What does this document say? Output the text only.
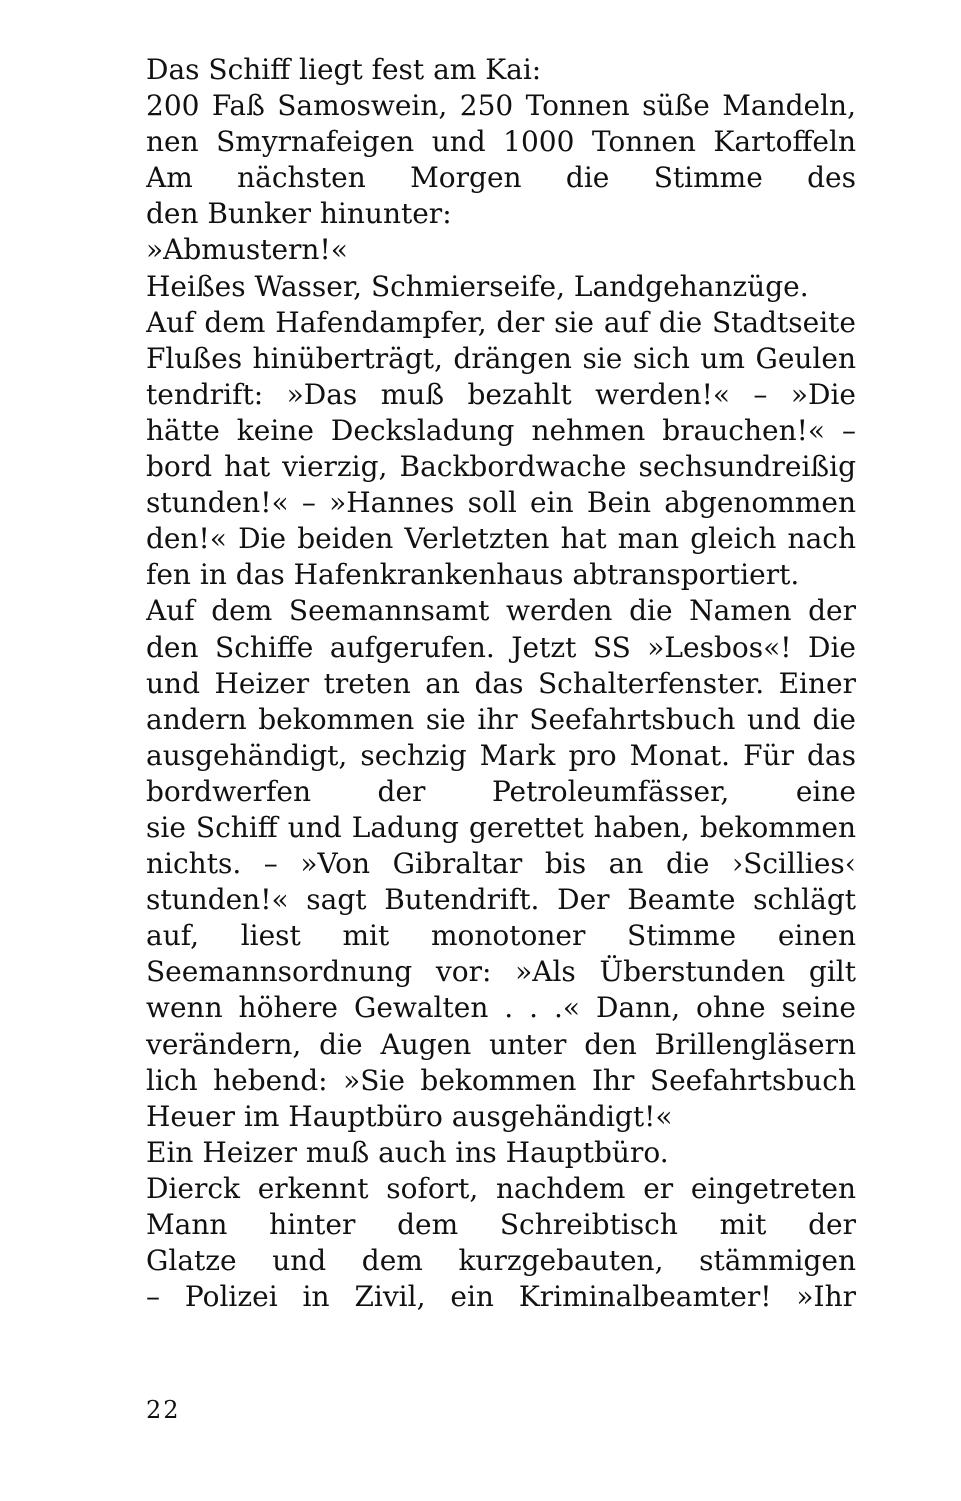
Das Schiff liegt fest am Kai:
200 Faß Samoswein, 250 Tonnen süße Mandeln,
nen Smyrnafeigen und 1000 Tonnen Kartoffeln
Am nächsten Morgen die Stimme des
den Bunker hinunter:
»Abmustern!«
Heißes Wasser, Schmierseife, Landgehanzüge.
Auf dem Hafendampfer, der sie auf die Stadtseite
Flußes hinüberträgt, drängen sie sich um Geulen
tendrift: »Das muß bezahlt werden!« – »Die
hätte keine Decksladung nehmen brauchen!« –
bord hat vierzig, Backbordwache sechsundreißig
stunden!« – »Hannes soll ein Bein abgenommen
den!« Die beiden Verletzten hat man gleich nach
fen in das Hafenkrankenhaus abtransportiert.
Auf dem Seemannsamt werden die Namen der
den Schiffe aufgerufen. Jetzt SS »Lesbos«! Die
und Heizer treten an das Schalterfenster. Einer
andern bekommen sie ihr Seefahrtsbuch und die
ausgehändigt, sechzig Mark pro Monat. Für das
bordwerfen der Petroleumfässer, eine
sie Schiff und Ladung gerettet haben, bekommen
nichts. – »Von Gibraltar bis an die ›Scillies‹
stunden!« sagt Butendrift. Der Beamte schlägt
auf, liest mit monotoner Stimme einen
Seemannsordnung vor: »Als Überstunden gilt
wenn höhere Gewalten . . .« Dann, ohne seine
verändern, die Augen unter den Brillengläsern
lich hebend: »Sie bekommen Ihr Seefahrtsbuch
Heuer im Hauptbüro ausgehändigt!«
Ein Heizer muß auch ins Hauptbüro.
Dierck erkennt sofort, nachdem er eingetreten
Mann hinter dem Schreibtisch mit der
Glatze und dem kurzgebauten, stämmigen
– Polizei in Zivil, ein Kriminalbeamter! »Ihr
22
